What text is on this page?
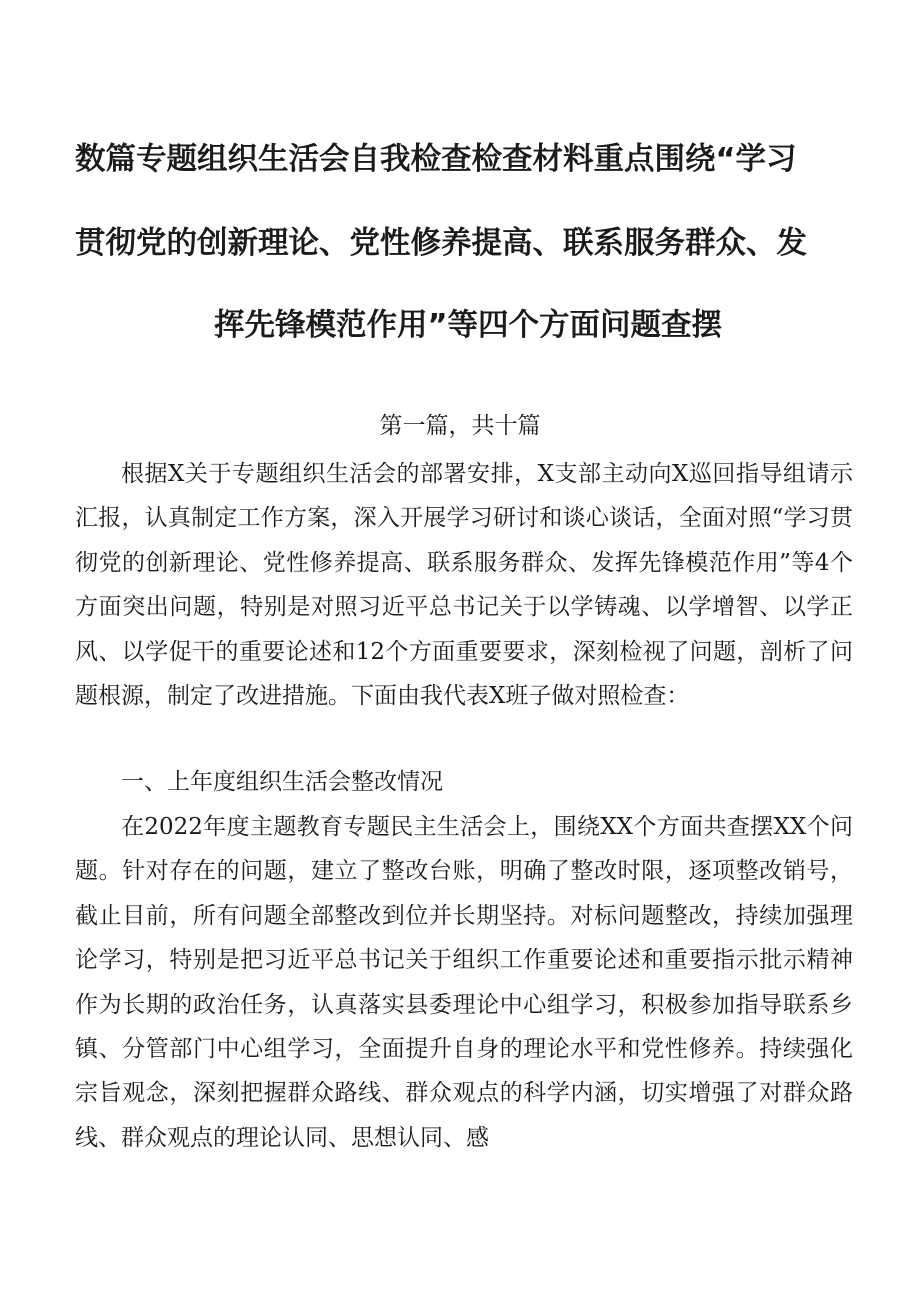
数篇专题组织生活会自我检查检查材料重点围绕“学习
贯彻党的创新理论、党性修养提高、联系服务群众、发
挥先锋模范作用”等四个方面问题查摆
第一篇，共十篇

根据X关于专题组织生活会的部署安排，X支部主动向X巡回指导组请示汇报，认真制定工作方案，深入开展学习研讨和谈心谈话，全面对照“学习贯彻党的创新理论、党性修养提高、联系服务群众、发挥先锋模范作用”等4个方面突出问题，特别是对照习近平总书记关于以学铸魂、以学增智、以学正风、以学促干的重要论述和12个方面重要要求，深刻检视了问题，剖析了问题根源，制定了改进措施。下面由我代表X班子做对照检查：

一、上年度组织生活会整改情况

在2022年度主题教育专题民主生活会上，围绕XX个方面共查摆XX个问题。针对存在的问题，建立了整改台账，明确了整改时限，逐项整改销号，截止目前，所有问题全部整改到位并长期坚持。对标问题整改，持续加强理论学习，特别是把习近平总书记关于组织工作重要论述和重要指示批示精神作为长期的政治任务，认真落实县委理论中心组学习，积极参加指导联系乡镇、分管部门中心组学习，全面提升自身的理论水平和党性修养。持续强化宗旨观念，深刻把握群众路线、群众观点的科学内涵，切实增强了对群众路线、群众观点的理论认同、思想认同、感
